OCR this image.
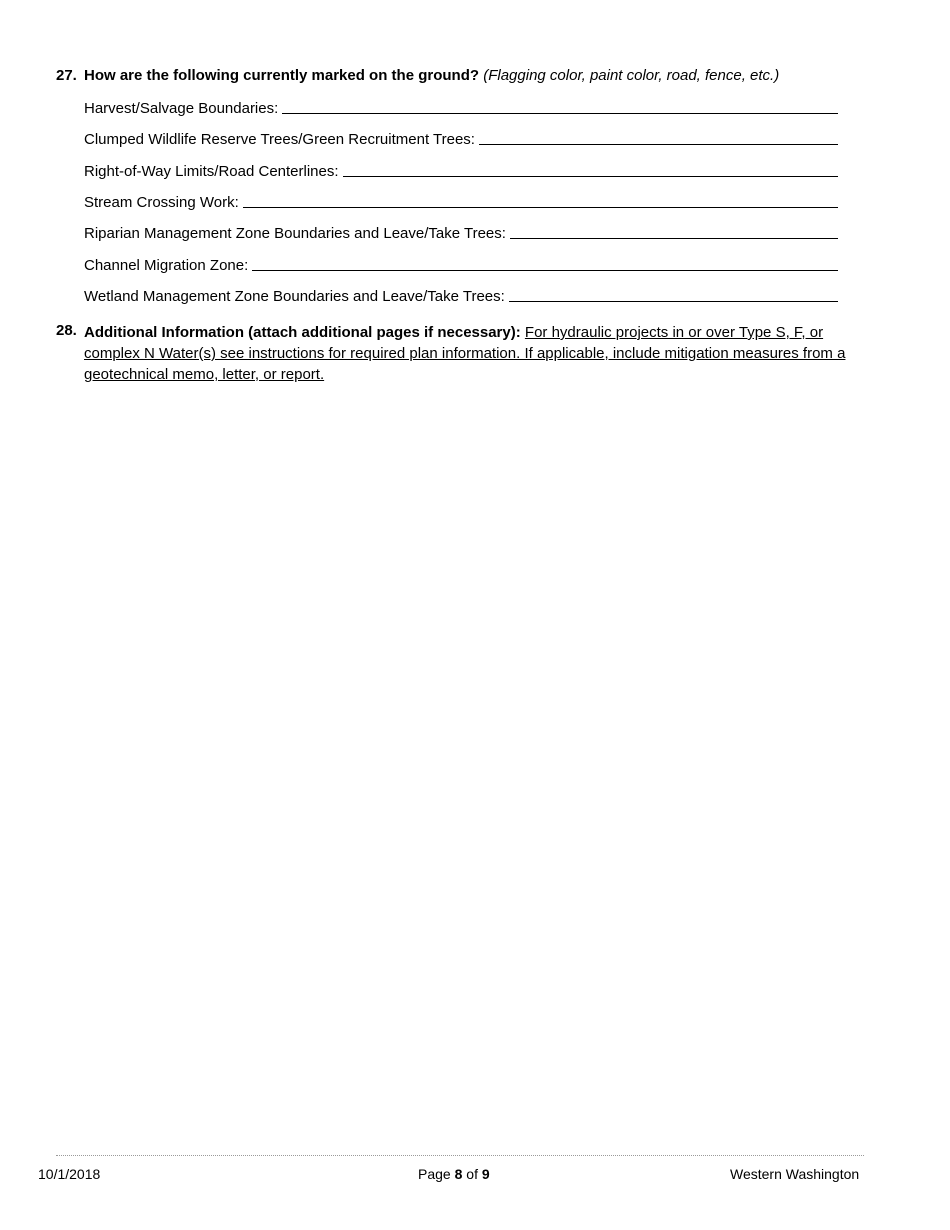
27. How are the following currently marked on the ground? (Flagging color, paint color, road, fence, etc.)
Harvest/Salvage Boundaries:
Clumped Wildlife Reserve Trees/Green Recruitment Trees:
Right-of-Way Limits/Road Centerlines:
Stream Crossing Work:
Riparian Management Zone Boundaries and Leave/Take Trees:
Channel Migration Zone:
Wetland Management Zone Boundaries and Leave/Take Trees:
28. Additional Information (attach additional pages if necessary): For hydraulic projects in or over Type S, F, or complex N Water(s) see instructions for required plan information. If applicable, include mitigation measures from a geotechnical memo, letter, or report.
10/1/2018	Page 8 of 9	Western Washington
